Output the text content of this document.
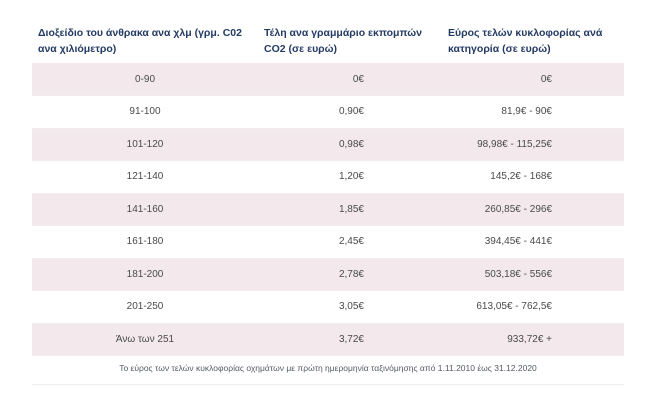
Διοξείδιο του άνθρακα ανα χλμ (γρμ. C02 ανα χιλιόμετρο)	Τέλη ανα γραμμάριο εκπομπών CO2 (σε ευρώ)	Εύρος τελών κυκλοφορίας ανά κατηγορία (σε ευρώ)
0-90	0€	0€
91-100	0,90€	81,9€ - 90€
101-120	0,98€	98,98€ - 115,25€
121-140	1,20€	145,2€ - 168€
141-160	1,85€	260,85€ - 296€
161-180	2,45€	394,45€ - 441€
181-200	2,78€	503,18€ - 556€
201-250	3,05€	613,05€ - 762,5€
Άνω των 251	3,72€	933,72€ +
Το εύρος των τελών κυκλοφορίας οχημάτων με πρώτη ημερομηνία ταξινόμησης από 1.11.2010 έως 31.12.2020
